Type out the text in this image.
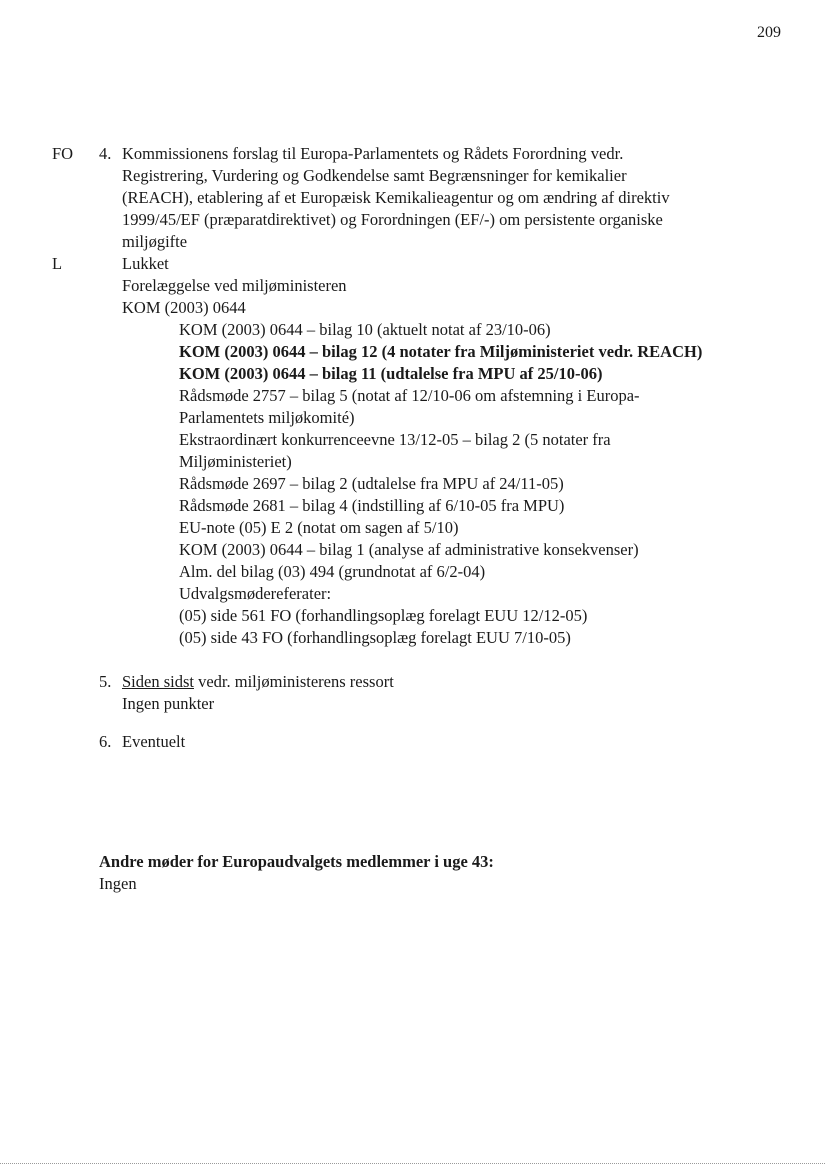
209
FO
L
4. Kommissionens forslag til Europa-Parlamentets og Rådets Forordning vedr.
Registrering, Vurdering og Godkendelse samt Begrænsninger for kemikalier
(REACH), etablering af et Europæisk Kemikalieagentur og om ændring af direktiv
1999/45/EF (præparatdirektivet) og Forordningen (EF/-) om persistente organiske
miljøgifte
Lukket
Forelæggelse ved miljøministeren
KOM (2003) 0644
KOM (2003) 0644 – bilag 10 (aktuelt notat af 23/10-06)
KOM (2003) 0644 – bilag 12 (4 notater fra Miljøministeriet vedr. REACH)
KOM (2003) 0644 – bilag 11 (udtalelse fra MPU af 25/10-06)
Rådsmøde 2757 – bilag 5 (notat af 12/10-06 om afstemning i Europa-
Parlamentets miljøkomité)
Ekstraordinært konkurrenceevne 13/12-05 – bilag 2 (5 notater fra
Miljøministeriet)
Rådsmøde 2697 – bilag 2 (udtalelse fra MPU af 24/11-05)
Rådsmøde 2681 – bilag 4 (indstilling af 6/10-05 fra MPU)
EU-note (05) E 2 (notat om sagen af 5/10)
KOM (2003) 0644 – bilag 1 (analyse af administrative konsekvenser)
Alm. del bilag (03) 494 (grundnotat af 6/2-04)
Udvalgsmødereferater:
(05) side 561 FO (forhandlingsoplæg forelagt EUU 12/12-05)
(05) side 43 FO (forhandlingsoplæg forelagt EUU 7/10-05)
5. Siden sidst vedr. miljøministerens ressort
Ingen punkter
6. Eventuelt
Andre møder for Europaudvalgets medlemmer i uge 43:
Ingen
